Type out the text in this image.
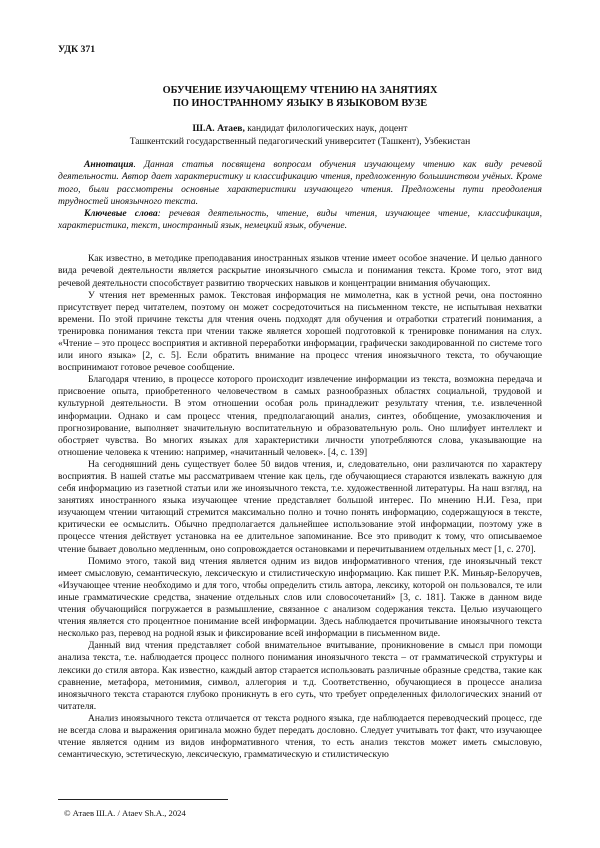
УДК 371
ОБУЧЕНИЕ ИЗУЧАЮЩЕМУ ЧТЕНИЮ НА ЗАНЯТИЯХ
ПО ИНОСТРАННОМУ ЯЗЫКУ В ЯЗЫКОВОМ ВУЗЕ
Ш.А. Атаев, кандидат филологических наук, доцент
Ташкентский государственный педагогический университет (Ташкент), Узбекистан

Аннотация. Данная статья посвящена вопросам обучения изучающему чтению как виду речевой деятельности. Автор дает характеристику и классификацию чтения, предложенную большинством учёных. Кроме того, были рассмотрены основные характеристики изучающего чтения. Предложены пути преодоления трудностей иноязычного текста.

Ключевые слова: речевая деятельность, чтение, виды чтения, изучающее чтение, классификация, характеристика, текст, иностранный язык, немецкий язык, обучение.

Как известно, в методике преподавания иностранных языков чтение имеет особое значение. И целью данного вида речевой деятельности является раскрытие иноязычного смысла и понимания текста. Кроме того, этот вид речевой деятельности способствует развитию творческих навыков и концентрации внимания обучающих.

У чтения нет временных рамок. Текстовая информация не мимолетна, как в устной речи, она постоянно присутствует перед читателем, поэтому он может сосредоточиться на письменном тексте, не испытывая нехватки времени. По этой причине тексты для чтения очень подходят для обучения и отработки стратегий понимания, а тренировка понимания текста при чтении также является хорошей подготовкой к тренировке понимания на слух. «Чтение – это процесс восприятия и активной переработки информации, графически закодированной по системе того или иного языка» [2, с. 5]. Если обратить внимание на процесс чтения иноязычного текста, то обучающие воспринимают готовое речевое сообщение.

Благодаря чтению, в процессе которого происходит извлечение информации из текста, возможна передача и присвоение опыта, приобретенного человечеством в самых разнообразных областях социальной, трудовой и культурной деятельности. В этом отношении особая роль принадлежит результату чтения, т.е. извлеченной информации. Однако и сам процесс чтения, предполагающий анализ, синтез, обобщение, умозаключения и прогнозирование, выполняет значительную воспитательную и образовательную роль. Оно шлифует интеллект и обостряет чувства. Во многих языках для характеристики личности употребляются слова, указывающие на отношение человека к чтению: например, «начитанный человек». [4, с. 139]

На сегодняшний день существует более 50 видов чтения, и, следовательно, они различаются по характеру восприятия. В нашей статье мы рассматриваем чтение как цель, где обучающиеся стараются извлекать важную для себя информацию из газетной статьи или же иноязычного текста, т.е. художественной литературы. На наш взгляд, на занятиях иностранного языка изучающее чтение представляет большой интерес. По мнению Н.И. Геза, при изучающем чтении читающий стремится максимально полно и точно понять информацию, содержащуюся в тексте, критически ее осмыслить. Обычно предполагается дальнейшее использование этой информации, поэтому уже в процессе чтения действует установка на ее длительное запоминание. Все это приводит к тому, что описываемое чтение бывает довольно медленным, оно сопровождается остановками и перечитыванием отдельных мест [1, с. 270].

Помимо этого, такой вид чтения является одним из видов информативного чтения, где иноязычный текст имеет смысловую, семантическую, лексическую и стилистическую информацию. Как пишет Р.К. Миньяр-Белоручев, «Изучающее чтение необходимо и для того, чтобы определить стиль автора, лексику, которой он пользовался, те или иные грамматические средства, значение отдельных слов или словосочетаний» [3, с. 181]. Также в данном виде чтения обучающийся погружается в размышление, связанное с анализом содержания текста. Целью изучающего чтения является сто процентное понимание всей информации. Здесь наблюдается прочитывание иноязычного текста несколько раз, перевод на родной язык и фиксирование всей информации в письменном виде.

Данный вид чтения представляет собой внимательное вчитывание, проникновение в смысл при помощи анализа текста, т.е. наблюдается процесс полного понимания иноязычного текста – от грамматической структуры и лексики до стиля автора. Как известно, каждый автор старается использовать различные образные средства, такие как сравнение, метафора, метонимия, символ, аллегория и т.д. Соответственно, обучающиеся в процессе анализа иноязычного текста стараются глубоко проникнуть в его суть, что требует определенных филологических знаний от читателя.

Анализ иноязычного текста отличается от текста родного языка, где наблюдается переводческий процесс, где не всегда слова и выражения оригинала можно будет передать дословно. Следует учитывать тот факт, что изучающее чтение является одним из видов информативного чтения, то есть анализ текстов может иметь смысловую, семантическую, эстетическую, лексическую, грамматическую и стилистическую

© Атаев Ш.А. / Ataev Sh.A., 2024
